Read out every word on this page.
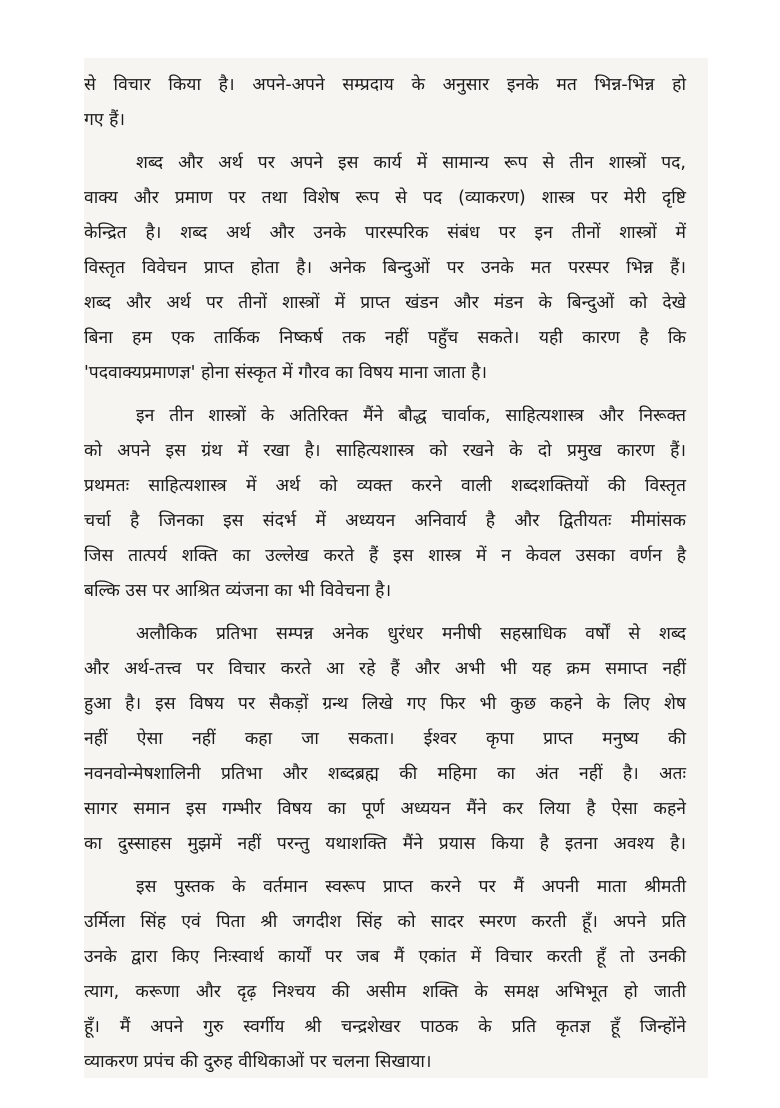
से विचार किया है। अपने-अपने सम्प्रदाय के अनुसार इनके मत भिन्न-भिन्न हो

गए हैं।

शब्द और अर्थ पर अपने इस कार्य में सामान्य रूप से तीन शास्त्रों पद,

वाक्य और प्रमाण पर तथा विशेष रूप से पद (व्याकरण) शास्त्र पर मेरी दृष्टि

केन्द्रित है। शब्द अर्थ और उनके पारस्परिक संबंध पर इन तीनों शास्त्रों में

विस्तृत विवेचन प्राप्त होता है। अनेक बिन्दुओं पर उनके मत परस्पर भिन्न हैं।

शब्द और अर्थ पर तीनों शास्त्रों में प्राप्त खंडन और मंडन के बिन्दुओं को देखे

बिना हम एक तार्किक निष्कर्ष तक नहीं पहुँच सकते। यही कारण है कि

'पदवाक्यप्रमाणज्ञ' होना संस्कृत में गौरव का विषय माना जाता है।

इन तीन शास्त्रों के अतिरिक्त मैंने बौद्ध चार्वाक, साहित्यशास्त्र और निरूक्त

को अपने इस ग्रंथ में रखा है। साहित्यशास्त्र को रखने के दो प्रमुख कारण हैं।

प्रथमतः साहित्यशास्त्र में अर्थ को व्यक्त करने वाली शब्दशक्तियों की विस्तृत

चर्चा है जिनका इस संदर्भ में अध्ययन अनिवार्य है और द्वितीयतः मीमांसक

जिस तात्पर्य शक्ति का उल्लेख करते हैं इस शास्त्र में न केवल उसका वर्णन है

बल्कि उस पर आश्रित व्यंजना का भी विवेचना है।

अलौकिक प्रतिभा सम्पन्न अनेक धुरंधर मनीषी सहस्राधिक वर्षों से शब्द

और अर्थ-तत्त्व पर विचार करते आ रहे हैं और अभी भी यह क्रम समाप्त नहीं

हुआ है। इस विषय पर सैकड़ों ग्रन्थ लिखे गए फिर भी कुछ कहने के लिए शेष

नहीं ऐसा नहीं कहा जा सकता। ईश्वर कृपा प्राप्त मनुष्य की

नवनवोन्मेषशालिनी प्रतिभा और शब्दब्रह्म की महिमा का अंत नहीं है। अतः

सागर समान इस गम्भीर विषय का पूर्ण अध्ययन मैंने कर लिया है ऐसा कहने

का दुस्साहस मुझमें नहीं परन्तु यथाशक्ति मैंने प्रयास किया है इतना अवश्य है।

इस पुस्तक के वर्तमान स्वरूप प्राप्त करने पर मैं अपनी माता श्रीमती

उर्मिला सिंह एवं पिता श्री जगदीश सिंह को सादर स्मरण करती हूँ। अपने प्रति

उनके द्वारा किए निःस्वार्थ कार्यों पर जब मैं एकांत में विचार करती हूँ तो उनकी

त्याग, करूणा और दृढ़ निश्चय की असीम शक्ति के समक्ष अभिभूत हो जाती

हूँ। मैं अपने गुरु स्वर्गीय श्री चन्द्रशेखर पाठक के प्रति कृतज्ञ हूँ जिन्होंने

व्याकरण प्रपंच की दुरुह वीथिकाओं पर चलना सिखाया।
